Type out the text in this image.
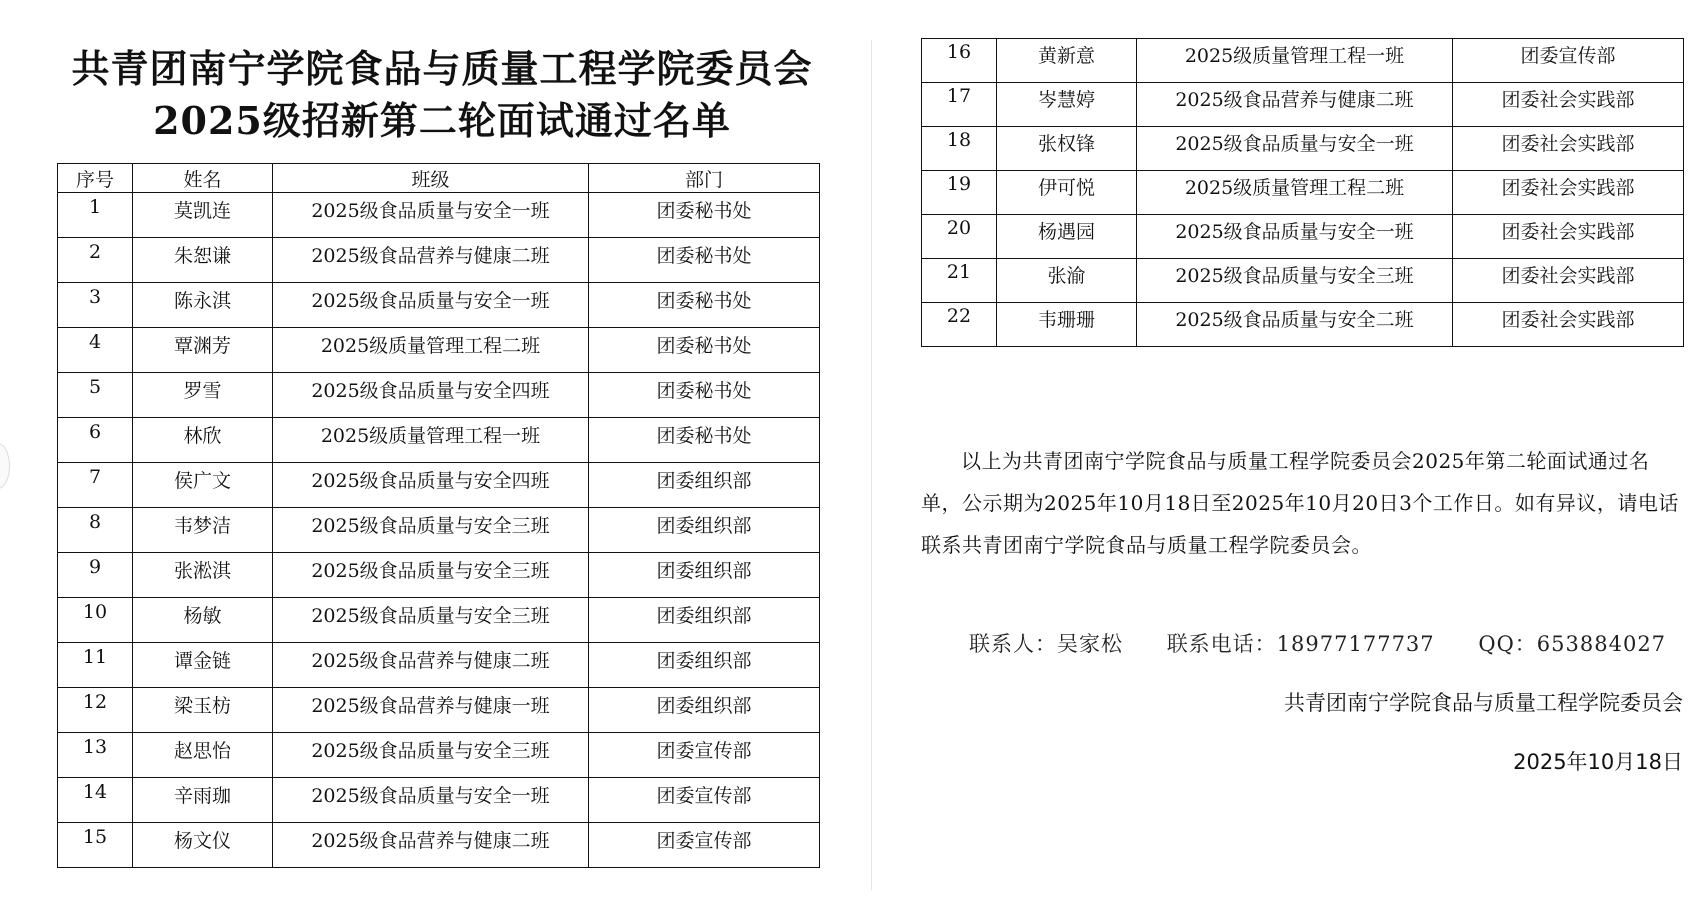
共青团南宁学院食品与质量工程学院委员会
2025级招新第二轮面试通过名单
序号	姓名	班级	部门
1	莫凯连	2025级食品质量与安全一班	团委秘书处
2	朱恕谦	2025级食品营养与健康二班	团委秘书处
3	陈永淇	2025级食品质量与安全一班	团委秘书处
4	覃渊芳	2025级质量管理工程二班	团委秘书处
5	罗雪	2025级食品质量与安全四班	团委秘书处
6	林欣	2025级质量管理工程一班	团委秘书处
7	侯广文	2025级食品质量与安全四班	团委组织部
8	韦梦洁	2025级食品质量与安全三班	团委组织部
9	张淞淇	2025级食品质量与安全三班	团委组织部
10	杨敏	2025级食品质量与安全三班	团委组织部
11	谭金链	2025级食品营养与健康二班	团委组织部
12	梁玉枋	2025级食品营养与健康一班	团委组织部
13	赵思怡	2025级食品质量与安全三班	团委宣传部
14	辛雨珈	2025级食品质量与安全一班	团委宣传部
15	杨文仪	2025级食品营养与健康二班	团委宣传部
16	黄新意	2025级质量管理工程一班	团委宣传部
17	岑慧婷	2025级食品营养与健康二班	团委社会实践部
18	张权锋	2025级食品质量与安全一班	团委社会实践部
19	伊可悦	2025级质量管理工程二班	团委社会实践部
20	杨遇园	2025级食品质量与安全一班	团委社会实践部
21	张渝	2025级食品质量与安全三班	团委社会实践部
22	韦珊珊	2025级食品质量与安全二班	团委社会实践部
以上为共青团南宁学院食品与质量工程学院委员会2025年第二轮面试通过名单，公示期为2025年10月18日至2025年10月20日3个工作日。如有异议，请电话联系共青团南宁学院食品与质量工程学院委员会。
联系人：吴家松 联系电话：18977177737 QQ：653884027
共青团南宁学院食品与质量工程学院委员会
2025年10月18日
